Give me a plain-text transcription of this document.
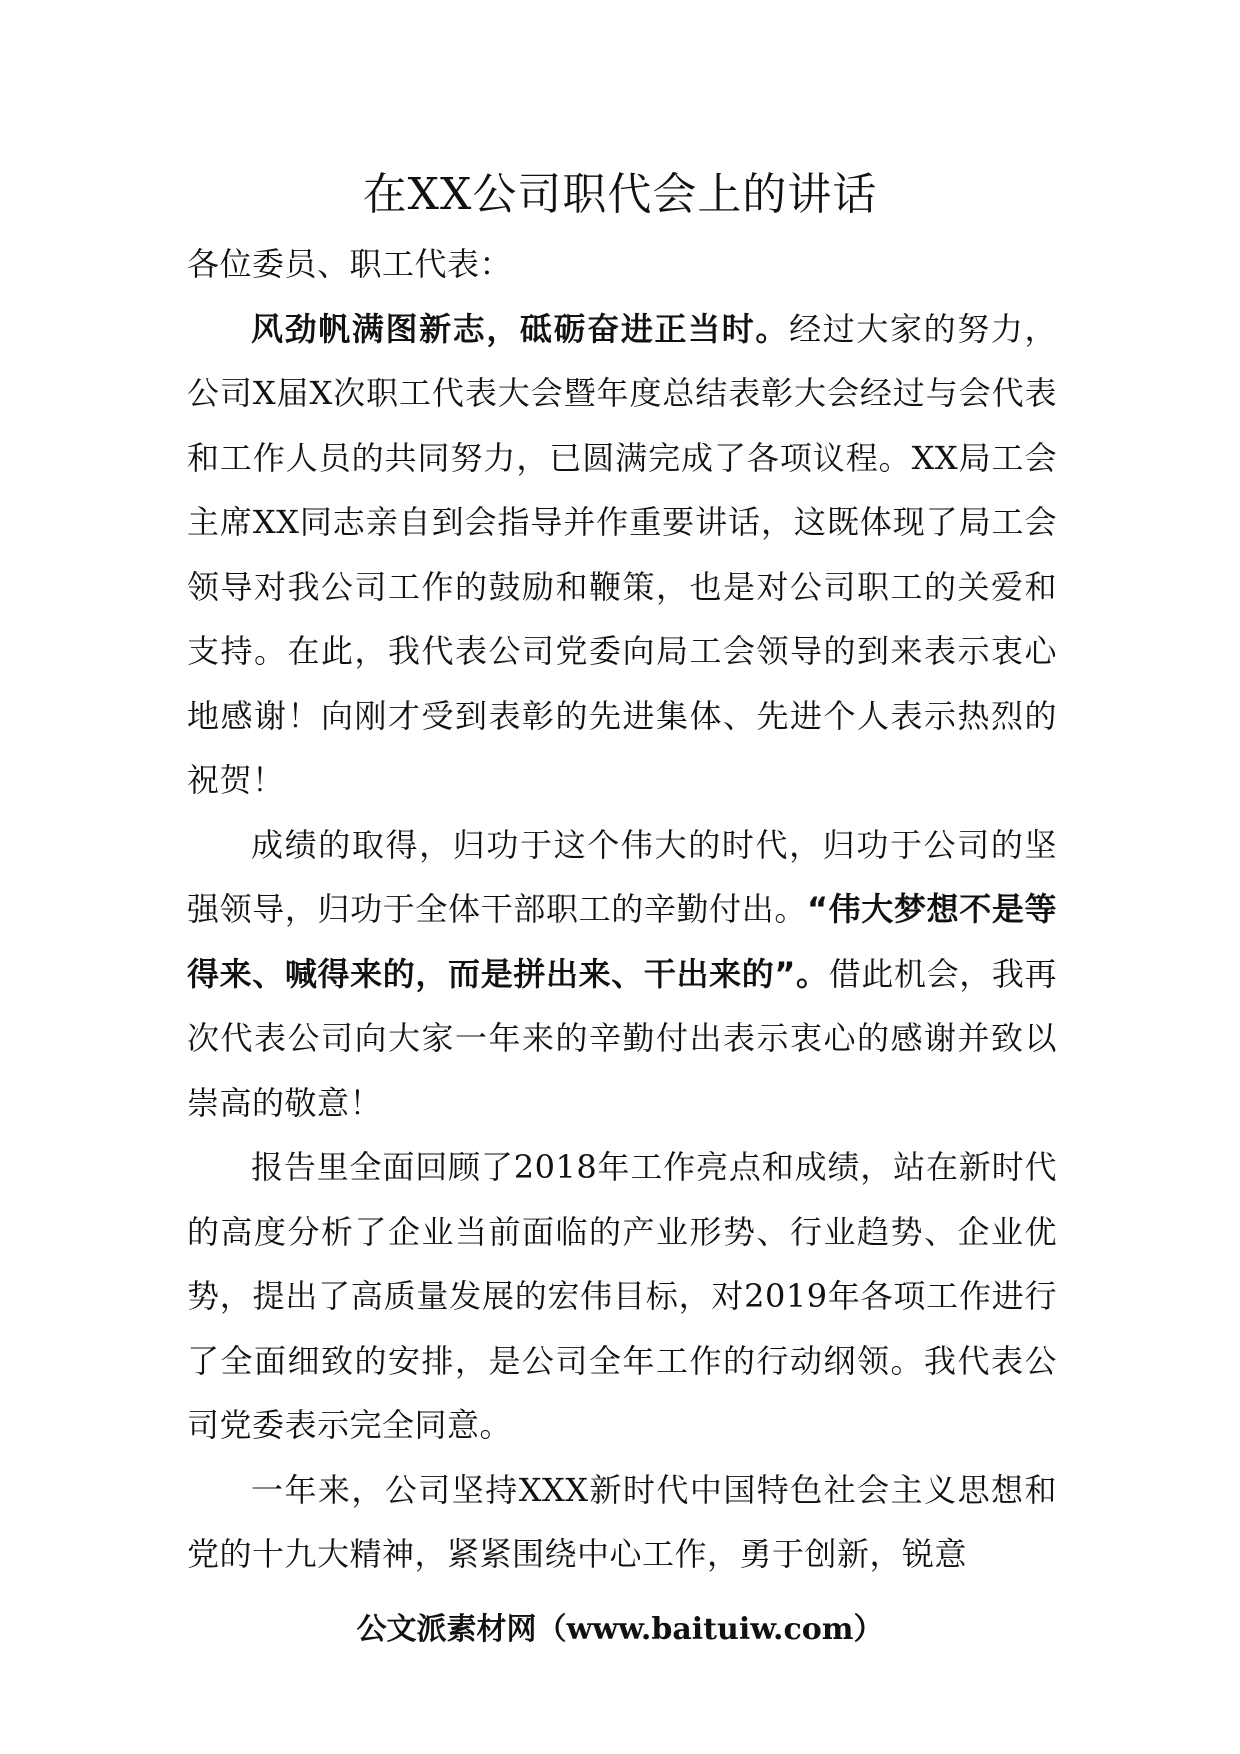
在XX公司职代会上的讲话

各位委员、职工代表：

风劲帆满图新志，砥砺奋进正当时。经过大家的努力，公司X届X次职工代表大会暨年度总结表彰大会经过与会代表和工作人员的共同努力，已圆满完成了各项议程。XX局工会主席XX同志亲自到会指导并作重要讲话，这既体现了局工会领导对我公司工作的鼓励和鞭策，也是对公司职工的关爱和支持。在此，我代表公司党委向局工会领导的到来表示衷心地感谢！向刚才受到表彰的先进集体、先进个人表示热烈的祝贺！

成绩的取得，归功于这个伟大的时代，归功于公司的坚强领导，归功于全体干部职工的辛勤付出。“伟大梦想不是等得来、喊得来的，而是拼出来、干出来的”。借此机会，我再次代表公司向大家一年来的辛勤付出表示衷心的感谢并致以崇高的敬意！

报告里全面回顾了2018年工作亮点和成绩，站在新时代的高度分析了企业当前面临的产业形势、行业趋势、企业优势，提出了高质量发展的宏伟目标，对2019年各项工作进行了全面细致的安排，是公司全年工作的行动纲领。我代表公司党委表示完全同意。

一年来，公司坚持XXX新时代中国特色社会主义思想和党的十九大精神，紧紧围绕中心工作，勇于创新，锐意

公文派素材网（www.baituiw.com）
